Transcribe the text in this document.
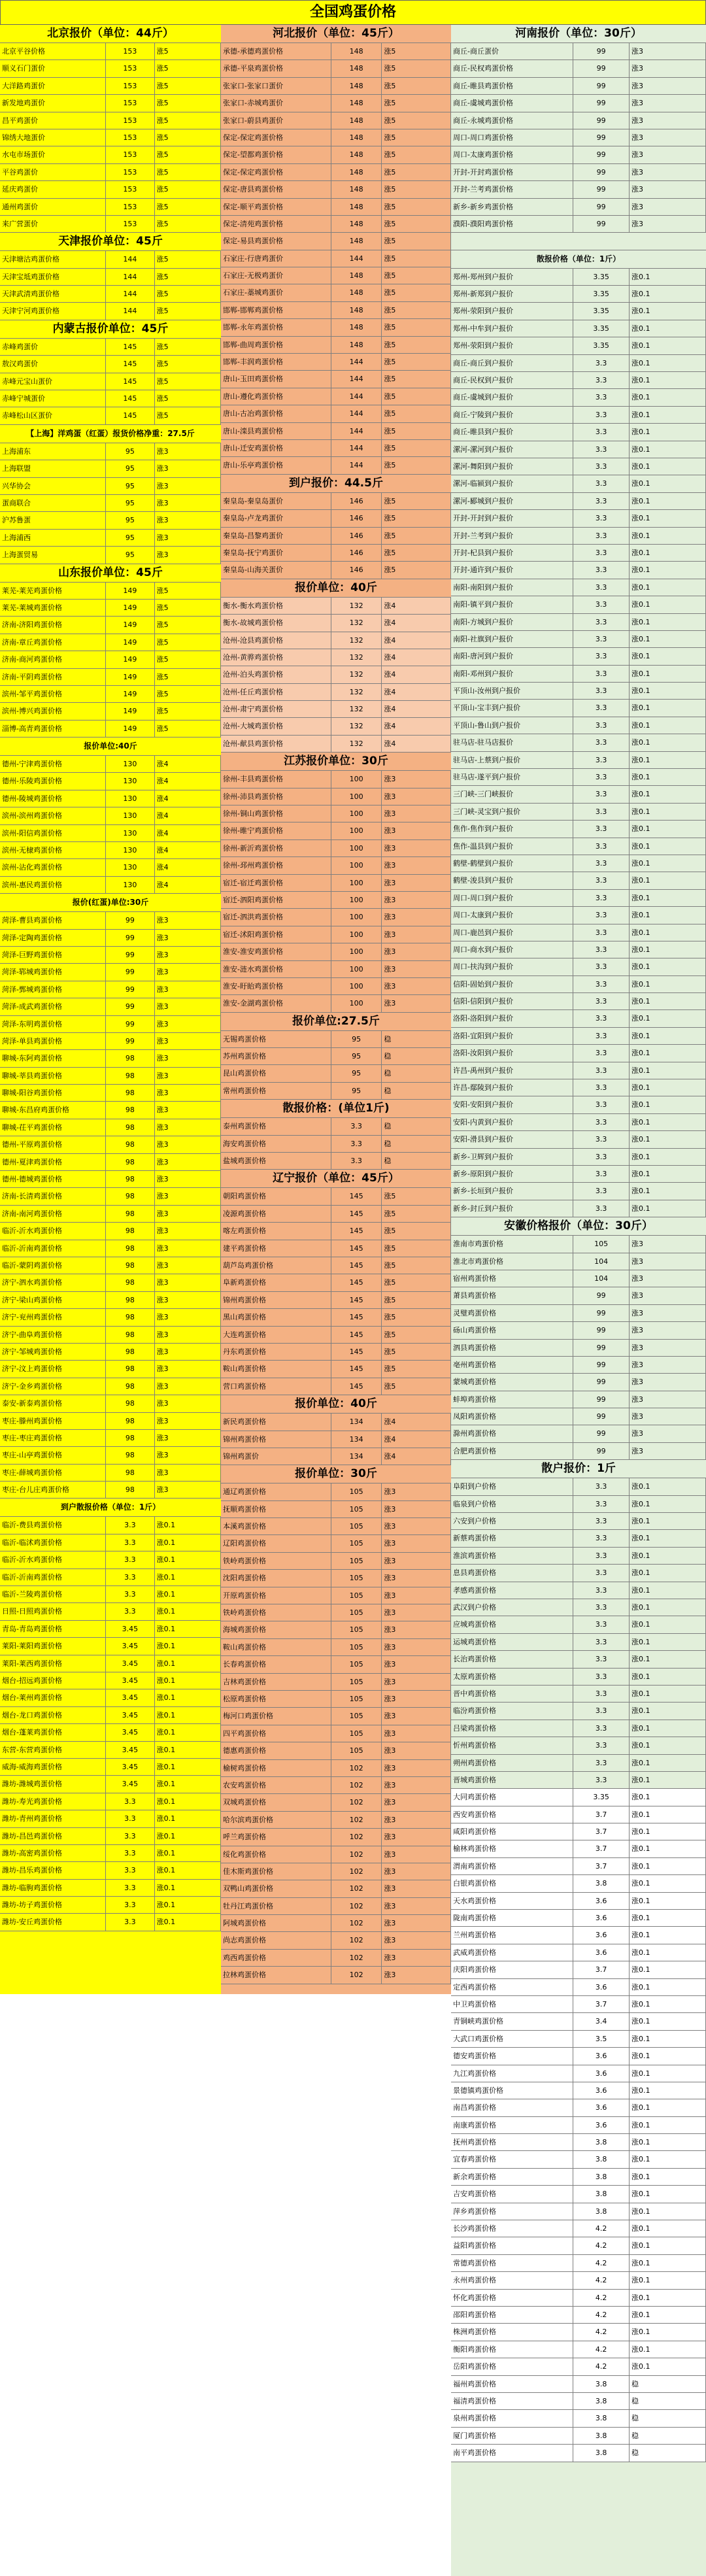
全国鸡蛋价格
北京报价（单位：44斤）
北京平谷价格	153	涨5
顺义石门蛋价	153	涨5
大洋路鸡蛋价	153	涨5
新发地鸡蛋价	153	涨5
昌平鸡蛋价	153	涨5
锦绣大地蛋价	153	涨5
水屯市场蛋价	153	涨5
平谷鸡蛋价	153	涨5
延庆鸡蛋价	153	涨5
通州鸡蛋价	153	涨5
来广营蛋价	153	涨5
天津报价单位：45斤
天津塘沽鸡蛋价格	144	涨5
天津宝坻鸡蛋价格	144	涨5
天津武清鸡蛋价格	144	涨5
天津宁河鸡蛋价格	144	涨5
内蒙古报价单位：45斤
赤峰鸡蛋价	145	涨5
敖汉鸡蛋价	145	涨5
赤峰元宝山蛋价	145	涨5
赤峰宁城蛋价	145	涨5
赤峰松山区蛋价	145	涨5
【上海】洋鸡蛋（红蛋）报货价格净重：27.5斤
上海浦东	95	涨3
上海联盟	95	涨3
兴华协会	95	涨3
蛋商联合	95	涨3
沪苏鲁蛋	95	涨3
上海浦西	95	涨3
上海蛋贸易	95	涨3
山东报价单位：45斤
莱芜-莱芜鸡蛋价格	149	涨5
莱芜-莱城鸡蛋价格	149	涨5
济南-济阳鸡蛋价格	149	涨5
济南-章丘鸡蛋价格	149	涨5
济南-商河鸡蛋价格	149	涨5
济南-平阴鸡蛋价格	149	涨5
滨州-邹平鸡蛋价格	149	涨5
滨州-博兴鸡蛋价格	149	涨5
淄博-高青鸡蛋价格	149	涨5
报价单位:40斤
德州-宁津鸡蛋价格	130	涨4
德州-乐陵鸡蛋价格	130	涨4
德州-陵城鸡蛋价格	130	涨4
滨州-滨州鸡蛋价格	130	涨4
滨州-阳信鸡蛋价格	130	涨4
滨州-无棣鸡蛋价格	130	涨4
滨州-沾化鸡蛋价格	130	涨4
滨州-惠民鸡蛋价格	130	涨4
报价(红蛋)单位:30斤
菏泽-曹县鸡蛋价格	99	涨3
菏泽-定陶鸡蛋价格	99	涨3
菏泽-巨野鸡蛋价格	99	涨3
菏泽-郓城鸡蛋价格	99	涨3
菏泽-鄄城鸡蛋价格	99	涨3
菏泽-成武鸡蛋价格	99	涨3
菏泽-东明鸡蛋价格	99	涨3
菏泽-单县鸡蛋价格	99	涨3
聊城-东阿鸡蛋价格	98	涨3
聊城-莘县鸡蛋价格	98	涨3
聊城-阳谷鸡蛋价格	98	涨3
聊城-东昌府鸡蛋价格	98	涨3
聊城-茌平鸡蛋价格	98	涨3
德州-平原鸡蛋价格	98	涨3
德州-夏津鸡蛋价格	98	涨3
德州-德城鸡蛋价格	98	涨3
济南-长清鸡蛋价格	98	涨3
济南-南河鸡蛋价格	98	涨3
临沂-沂水鸡蛋价格	98	涨3
临沂-沂南鸡蛋价格	98	涨3
临沂-蒙阴鸡蛋价格	98	涨3
济宁-泗水鸡蛋价格	98	涨3
济宁-梁山鸡蛋价格	98	涨3
济宁-兖州鸡蛋价格	98	涨3
济宁-曲阜鸡蛋价格	98	涨3
济宁-邹城鸡蛋价格	98	涨3
济宁-汶上鸡蛋价格	98	涨3
济宁-金乡鸡蛋价格	98	涨3
泰安-新泰鸡蛋价格	98	涨3
枣庄-滕州鸡蛋价格	98	涨3
枣庄-枣庄鸡蛋价格	98	涨3
枣庄-山亭鸡蛋价格	98	涨3
枣庄-薛城鸡蛋价格	98	涨3
枣庄-台儿庄鸡蛋价格	98	涨3
到户散报价格（单位：1斤）
临沂-费县鸡蛋价格	3.3	涨0.1
临沂-临沭鸡蛋价格	3.3	涨0.1
临沂-沂水鸡蛋价格	3.3	涨0.1
临沂-沂南鸡蛋价格	3.3	涨0.1
临沂-兰陵鸡蛋价格	3.3	涨0.1
日照-日照鸡蛋价格	3.3	涨0.1
青岛-青岛鸡蛋价格	3.45	涨0.1
莱阳-莱阳鸡蛋价格	3.45	涨0.1
莱阳-莱西鸡蛋价格	3.45	涨0.1
烟台-招远鸡蛋价格	3.45	涨0.1
烟台-莱州鸡蛋价格	3.45	涨0.1
烟台-龙口鸡蛋价格	3.45	涨0.1
烟台-蓬莱鸡蛋价格	3.45	涨0.1
东营-东营鸡蛋价格	3.45	涨0.1
威海-威海鸡蛋价格	3.45	涨0.1
潍坊-潍城鸡蛋价格	3.45	涨0.1
潍坊-寿光鸡蛋价格	3.3	涨0.1
潍坊-青州鸡蛋价格	3.3	涨0.1
潍坊-昌邑鸡蛋价格	3.3	涨0.1
潍坊-高密鸡蛋价格	3.3	涨0.1
潍坊-昌乐鸡蛋价格	3.3	涨0.1
潍坊-临朐鸡蛋价格	3.3	涨0.1
潍坊-坊子鸡蛋价格	3.3	涨0.1
潍坊-安丘鸡蛋价格	3.3	涨0.1
河北报价（单位：45斤）
承德-承德鸡蛋价格	148	涨5
承德-平泉鸡蛋价格	148	涨5
张家口-张家口蛋价	148	涨5
张家口-赤城鸡蛋价	148	涨5
张家口-蔚县鸡蛋价	148	涨5
保定-保定鸡蛋价格	148	涨5
保定-望都鸡蛋价格	148	涨5
保定-保定鸡蛋价格	148	涨5
保定-唐县鸡蛋价格	148	涨5
保定-顺平鸡蛋价格	148	涨5
保定-清苑鸡蛋价格	148	涨5
保定-易县鸡蛋价格	148	涨5
石家庄-行唐鸡蛋价	144	涨5
石家庄-无极鸡蛋价	148	涨5
石家庄-藁城鸡蛋价	148	涨5
邯郸-邯郸鸡蛋价格	148	涨5
邯郸-永年鸡蛋价格	148	涨5
邯郸-曲周鸡蛋价格	148	涨5
邯郸-丰润鸡蛋价格	144	涨5
唐山-玉田鸡蛋价格	144	涨5
唐山-遵化鸡蛋价格	144	涨5
唐山-古冶鸡蛋价格	144	涨5
唐山-滦县鸡蛋价格	144	涨5
唐山-迁安鸡蛋价格	144	涨5
唐山-乐亭鸡蛋价格	144	涨5
到户报价：44.5斤
秦皇岛-秦皇岛蛋价	146	涨5
秦皇岛-卢龙鸡蛋价	146	涨5
秦皇岛-昌黎鸡蛋价	146	涨5
秦皇岛-抚宁鸡蛋价	146	涨5
秦皇岛-山海关蛋价	146	涨5
报价单位：40斤
衡水-衡水鸡蛋价格	132	涨4
衡水-故城鸡蛋价格	132	涨4
沧州-沧县鸡蛋价格	132	涨4
沧州-黄骅鸡蛋价格	132	涨4
沧州-泊头鸡蛋价格	132	涨4
沧州-任丘鸡蛋价格	132	涨4
沧州-肃宁鸡蛋价格	132	涨4
沧州-大城鸡蛋价格	132	涨4
沧州-献县鸡蛋价格	132	涨4
江苏报价单位：30斤
徐州-丰县鸡蛋价格	100	涨3
徐州-沛县鸡蛋价格	100	涨3
徐州-铜山鸡蛋价格	100	涨3
徐州-睢宁鸡蛋价格	100	涨3
徐州-新沂鸡蛋价格	100	涨3
徐州-邳州鸡蛋价格	100	涨3
宿迁-宿迁鸡蛋价格	100	涨3
宿迁-泗阳鸡蛋价格	100	涨3
宿迁-泗洪鸡蛋价格	100	涨3
宿迁-沭阳鸡蛋价格	100	涨3
淮安-淮安鸡蛋价格	100	涨3
淮安-涟水鸡蛋价格	100	涨3
淮安-盱眙鸡蛋价格	100	涨3
淮安-金湖鸡蛋价格	100	涨3
报价单位:27.5斤
无锡鸡蛋价格	95	稳
苏州鸡蛋价格	95	稳
昆山鸡蛋价格	95	稳
常州鸡蛋价格	95	稳
散报价格：(单位1斤)
泰州鸡蛋价格	3.3	稳
海安鸡蛋价格	3.3	稳
盐城鸡蛋价格	3.3	稳
辽宁报价（单位：45斤）
朝阳鸡蛋价格	145	涨5
凌源鸡蛋价格	145	涨5
喀左鸡蛋价格	145	涨5
建平鸡蛋价格	145	涨5
葫芦岛鸡蛋价格	145	涨5
阜新鸡蛋价格	145	涨5
锦州鸡蛋价格	145	涨5
黑山鸡蛋价格	145	涨5
大连鸡蛋价格	145	涨5
丹东鸡蛋价格	145	涨5
鞍山鸡蛋价格	145	涨5
营口鸡蛋价格	145	涨5
报价单位：40斤
新民鸡蛋价格	134	涨4
锦州鸡蛋价格	134	涨4
锦州鸡蛋价	134	涨4
报价单位：30斤
通辽鸡蛋价格	105	涨3
抚顺鸡蛋价格	105	涨3
本溪鸡蛋价格	105	涨3
辽阳鸡蛋价格	105	涨3
铁岭鸡蛋价格	105	涨3
沈阳鸡蛋价格	105	涨3
开原鸡蛋价格	105	涨3
铁岭鸡蛋价格	105	涨3
海城鸡蛋价格	105	涨3
鞍山鸡蛋价格	105	涨3
长春鸡蛋价格	105	涨3
吉林鸡蛋价格	105	涨3
松原鸡蛋价格	105	涨3
梅河口鸡蛋价格	105	涨3
四平鸡蛋价格	105	涨3
德惠鸡蛋价格	105	涨3
榆树鸡蛋价格	102	涨3
农安鸡蛋价格	102	涨3
双城鸡蛋价格	102	涨3
哈尔滨鸡蛋价格	102	涨3
呼兰鸡蛋价格	102	涨3
绥化鸡蛋价格	102	涨3
佳木斯鸡蛋价格	102	涨3
双鸭山鸡蛋价格	102	涨3
牡丹江鸡蛋价格	102	涨3
阿城鸡蛋价格	102	涨3
尚志鸡蛋价格	102	涨3
鸡西鸡蛋价格	102	涨3
拉林鸡蛋价格	102	涨3
河南报价（单位：30斤）
商丘-商丘蛋价	99	涨3
商丘-民权鸡蛋价格	99	涨3
商丘-睢县鸡蛋价格	99	涨3
商丘-虞城鸡蛋价格	99	涨3
商丘-永城鸡蛋价格	99	涨3
周口-周口鸡蛋价格	99	涨3
周口-太康鸡蛋价格	99	涨3
开封-开封鸡蛋价格	99	涨3
开封-兰考鸡蛋价格	99	涨3
新乡-新乡鸡蛋价格	99	涨3
濮阳-濮阳鸡蛋价格	99	涨3
散报价格（单位：1斤）
郑州-郑州到户报价	3.35	涨0.1
郑州-新郑到户报价	3.35	涨0.1
郑州-荥阳到户报价	3.35	涨0.1
郑州-中牟到户报价	3.35	涨0.1
郑州-荥阳到户报价	3.35	涨0.1
商丘-商丘到户报价	3.3	涨0.1
商丘-民权到户报价	3.3	涨0.1
商丘-虞城到户报价	3.3	涨0.1
商丘-宁陵到户报价	3.3	涨0.1
商丘-睢县到户报价	3.3	涨0.1
漯河-漯河到户报价	3.3	涨0.1
漯河-舞阳到户报价	3.3	涨0.1
漯河-临颍到户报价	3.3	涨0.1
漯河-郾城到户报价	3.3	涨0.1
开封-开封到户报价	3.3	涨0.1
开封-兰考到户报价	3.3	涨0.1
开封-杞县到户报价	3.3	涨0.1
开封-通许到户报价	3.3	涨0.1
南阳-南阳到户报价	3.3	涨0.1
南阳-镇平到户报价	3.3	涨0.1
南阳-方城到户报价	3.3	涨0.1
南阳-社旗到户报价	3.3	涨0.1
南阳-唐河到户报价	3.3	涨0.1
南阳-邓州到户报价	3.3	涨0.1
平顶山-汝州到户报价	3.3	涨0.1
平顶山-宝丰到户报价	3.3	涨0.1
平顶山-鲁山到户报价	3.3	涨0.1
驻马店-驻马店报价	3.3	涨0.1
驻马店-上蔡到户报价	3.3	涨0.1
驻马店-遂平到户报价	3.3	涨0.1
三门峡-三门峡报价	3.3	涨0.1
三门峡-灵宝到户报价	3.3	涨0.1
焦作-焦作到户报价	3.3	涨0.1
焦作-温县到户报价	3.3	涨0.1
鹤壁-鹤壁到户报价	3.3	涨0.1
鹤壁-浚县到户报价	3.3	涨0.1
周口-周口到户报价	3.3	涨0.1
周口-太康到户报价	3.3	涨0.1
周口-鹿邑到户报价	3.3	涨0.1
周口-商水到户报价	3.3	涨0.1
周口-扶沟到户报价	3.3	涨0.1
信阳-固始到户报价	3.3	涨0.1
信阳-信阳到户报价	3.3	涨0.1
洛阳-洛阳到户报价	3.3	涨0.1
洛阳-宜阳到户报价	3.3	涨0.1
洛阳-汝阳到户报价	3.3	涨0.1
许昌-禹州到户报价	3.3	涨0.1
许昌-鄢陵到户报价	3.3	涨0.1
安阳-安阳到户报价	3.3	涨0.1
安阳-内黄到户报价	3.3	涨0.1
安阳-滑县到户报价	3.3	涨0.1
新乡-卫辉到户报价	3.3	涨0.1
新乡-原阳到户报价	3.3	涨0.1
新乡-长垣到户报价	3.3	涨0.1
新乡-封丘到户报价	3.3	涨0.1
安徽价格报价（单位：30斤）
淮南市鸡蛋价格	105	涨3
淮北市鸡蛋价格	104	涨3
宿州鸡蛋价格	104	涨3
萧县鸡蛋价格	99	涨3
灵璧鸡蛋价格	99	涨3
砀山鸡蛋价格	99	涨3
泗县鸡蛋价格	99	涨3
亳州鸡蛋价格	99	涨3
蒙城鸡蛋价格	99	涨3
蚌埠鸡蛋价格	99	涨3
凤阳鸡蛋价格	99	涨3
滁州鸡蛋价格	99	涨3
合肥鸡蛋价格	99	涨3
散户报价：1斤
阜阳到户价格	3.3	涨0.1
临泉到户价格	3.3	涨0.1
六安到户价格	3.3	涨0.1
新蔡鸡蛋价格	3.3	涨0.1
淮滨鸡蛋价格	3.3	涨0.1
息县鸡蛋价格	3.3	涨0.1
孝感鸡蛋价格	3.3	涨0.1
武汉到户价格	3.3	涨0.1
应城鸡蛋价格	3.3	涨0.1
运城鸡蛋价格	3.3	涨0.1
长治鸡蛋价格	3.3	涨0.1
太原鸡蛋价格	3.3	涨0.1
晋中鸡蛋价格	3.3	涨0.1
临汾鸡蛋价格	3.3	涨0.1
吕梁鸡蛋价格	3.3	涨0.1
忻州鸡蛋价格	3.3	涨0.1
朔州鸡蛋价格	3.3	涨0.1
晋城鸡蛋价格	3.3	涨0.1
大同鸡蛋价格	3.35	涨0.1
西安鸡蛋价格	3.7	涨0.1
咸阳鸡蛋价格	3.7	涨0.1
榆林鸡蛋价格	3.7	涨0.1
渭南鸡蛋价格	3.7	涨0.1
白银鸡蛋价格	3.8	涨0.1
天水鸡蛋价格	3.6	涨0.1
陇南鸡蛋价格	3.6	涨0.1
兰州鸡蛋价格	3.6	涨0.1
武威鸡蛋价格	3.6	涨0.1
庆阳鸡蛋价格	3.7	涨0.1
定西鸡蛋价格	3.6	涨0.1
中卫鸡蛋价格	3.7	涨0.1
青铜峡鸡蛋价格	3.4	涨0.1
大武口鸡蛋价格	3.5	涨0.1
德安鸡蛋价格	3.6	涨0.1
九江鸡蛋价格	3.6	涨0.1
景德镇鸡蛋价格	3.6	涨0.1
南昌鸡蛋价格	3.6	涨0.1
南康鸡蛋价格	3.6	涨0.1
抚州鸡蛋价格	3.8	涨0.1
宜春鸡蛋价格	3.8	涨0.1
新余鸡蛋价格	3.8	涨0.1
吉安鸡蛋价格	3.8	涨0.1
萍乡鸡蛋价格	3.8	涨0.1
长沙鸡蛋价格	4.2	涨0.1
益阳鸡蛋价格	4.2	涨0.1
常德鸡蛋价格	4.2	涨0.1
永州鸡蛋价格	4.2	涨0.1
怀化鸡蛋价格	4.2	涨0.1
邵阳鸡蛋价格	4.2	涨0.1
株洲鸡蛋价格	4.2	涨0.1
衡阳鸡蛋价格	4.2	涨0.1
岳阳鸡蛋价格	4.2	涨0.1
福州鸡蛋价格	3.8	稳
福清鸡蛋价格	3.8	稳
泉州鸡蛋价格	3.8	稳
厦门鸡蛋价格	3.8	稳
南平鸡蛋价格	3.8	稳
